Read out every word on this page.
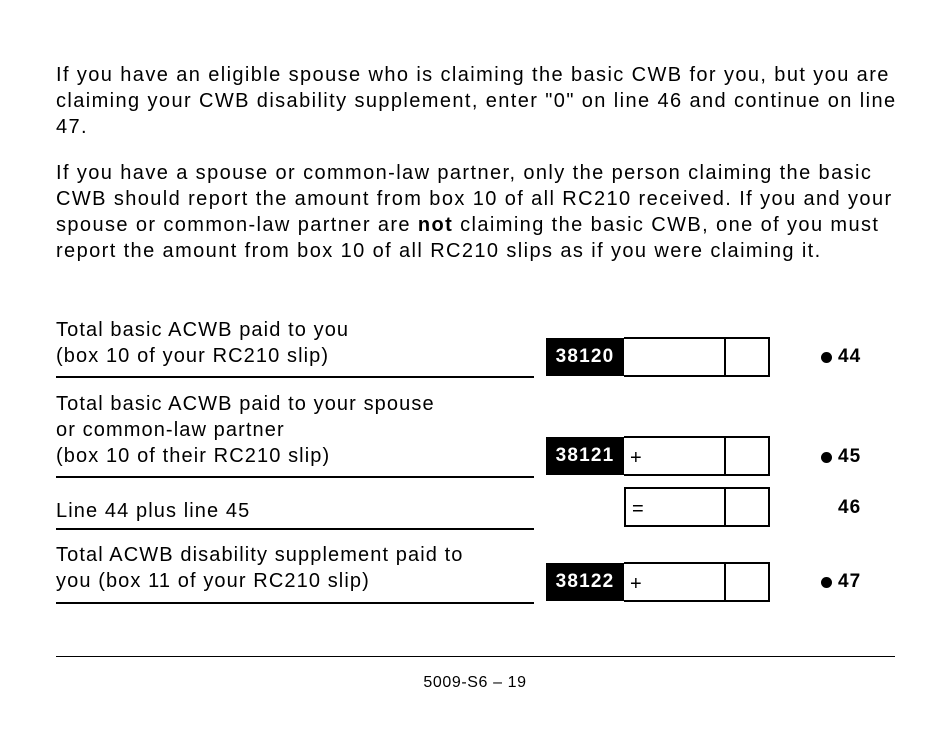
If you have an eligible spouse who is claiming the basic CWB for you, but you are claiming your CWB disability supplement, enter "0" on line 46 and continue on line 47.

If you have a spouse or common-law partner, only the person claiming the basic CWB should report the amount from box 10 of all RC210 received. If you and your spouse or common-law partner are not claiming the basic CWB, one of you must report the amount from box 10 of all RC210 slips as if you were claiming it.

Total basic ACWB paid to you
(box 10 of your RC210 slip)	38120	44
Total basic ACWB paid to your spouse
or common-law partner
(box 10 of their RC210 slip)	38121 +	45
Line 44 plus line 45	=	46
Total ACWB disability supplement paid to
you (box 11 of your RC210 slip)	38122 +	47
5009-S6 – 19
